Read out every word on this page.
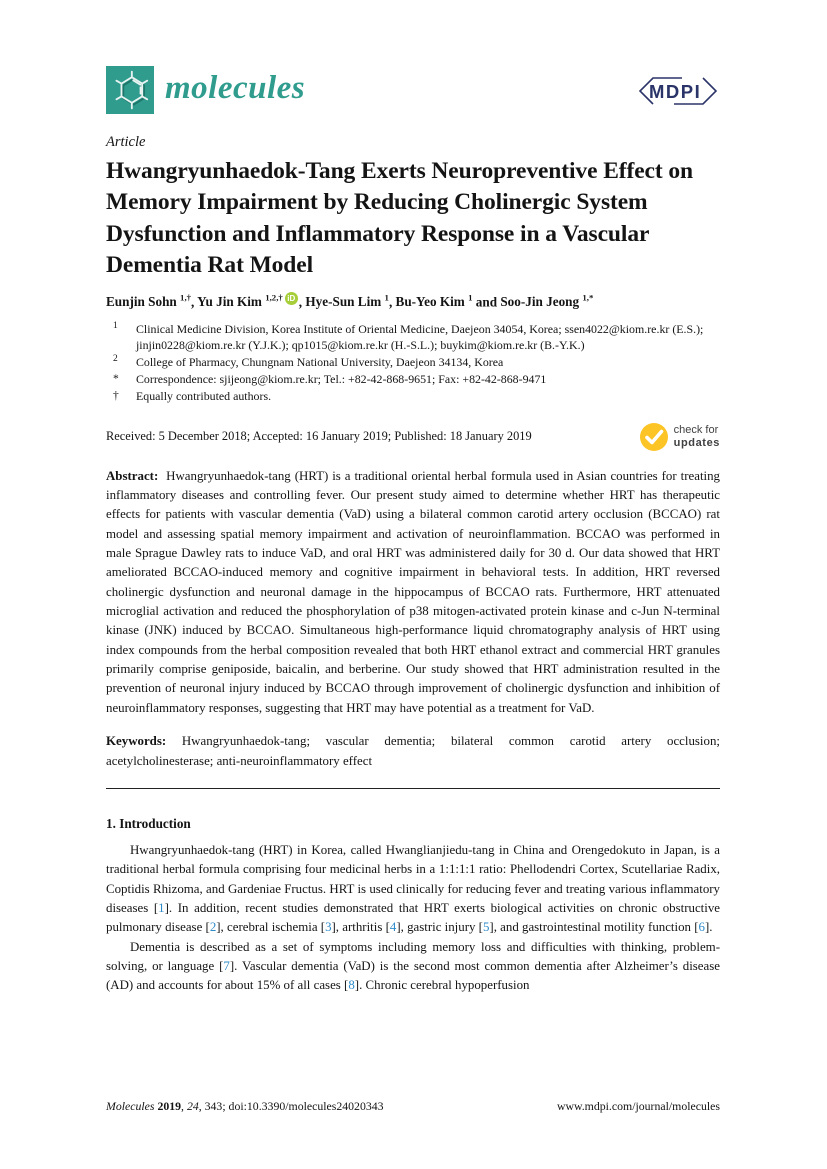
molecules	MDPI
Article
Hwangryunhaedok-Tang Exerts Neuropreventive Effect on Memory Impairment by Reducing Cholinergic System Dysfunction and Inflammatory Response in a Vascular Dementia Rat Model
Eunjin Sohn $^{1,\dagger}$, Yu Jin Kim $^{1,2,\dagger}$ iD , Hye-Sun Lim $^1$, Bu-Yeo Kim $^1$ and Soo-Jin Jeong $^{1,*}$
1	Clinical Medicine Division, Korea Institute of Oriental Medicine, Daejeon 34054, Korea; ssen4022@kiom.re.kr (E.S.); jinjin0228@kiom.re.kr (Y.J.K.); qp1015@kiom.re.kr (H.-S.L.); buykim@kiom.re.kr (B.-Y.K.)
2	College of Pharmacy, Chungnam National University, Daejeon 34134, Korea
*	Correspondence: sjijeong@kiom.re.kr; Tel.: +82-42-868-9651; Fax: +82-42-868-9471
†	Equally contributed authors.
Received: 5 December 2018; Accepted: 16 January 2019; Published: 18 January 2019	check for
updates

Abstract: Hwangryunhaedok-tang (HRT) is a traditional oriental herbal formula used in Asian countries for treating inflammatory diseases and controlling fever. Our present study aimed to determine whether HRT has therapeutic effects for patients with vascular dementia (VaD) using a bilateral common carotid artery occlusion (BCCAO) rat model and assessing spatial memory impairment and activation of neuroinflammation. BCCAO was performed in male Sprague Dawley rats to induce VaD, and oral HRT was administered daily for 30 d. Our data showed that HRT ameliorated BCCAO-induced memory and cognitive impairment in behavioral tests. In addition, HRT reversed cholinergic dysfunction and neuronal damage in the hippocampus of BCCAO rats. Furthermore, HRT attenuated microglial activation and reduced the phosphorylation of p38 mitogen-activated protein kinase and c-Jun N-terminal kinase (JNK) induced by BCCAO. Simultaneous high-performance liquid chromatography analysis of HRT using index compounds from the herbal composition revealed that both HRT ethanol extract and commercial HRT granules primarily comprise geniposide, baicalin, and berberine. Our study showed that HRT administration resulted in the prevention of neuronal injury induced by BCCAO through improvement of cholinergic dysfunction and inhibition of neuroinflammatory responses, suggesting that HRT may have potential as a treatment for VaD.

Keywords: Hwangryunhaedok-tang; vascular dementia; bilateral common carotid artery occlusion; acetylcholinesterase; anti-neuroinflammatory effect

1. Introduction

Hwangryunhaedok-tang (HRT) in Korea, called Hwanglianjiedu-tang in China and Orengedokuto in Japan, is a traditional herbal formula comprising four medicinal herbs in a 1:1:1:1 ratio: Phellodendri Cortex, Scutellariae Radix, Coptidis Rhizoma, and Gardeniae Fructus. HRT is used clinically for reducing fever and treating various inflammatory diseases [1]. In addition, recent studies demonstrated that HRT exerts biological activities on chronic obstructive pulmonary disease [2], cerebral ischemia [3], arthritis [4], gastric injury [5], and gastrointestinal motility function [6].

Dementia is described as a set of symptoms including memory loss and difficulties with thinking, problem-solving, or language [7]. Vascular dementia (VaD) is the second most common dementia after Alzheimer’s disease (AD) and accounts for about 15% of all cases [8]. Chronic cerebral hypoperfusion

Molecules 2019, 24, 343; doi:10.3390/molecules24020343	www.mdpi.com/journal/molecules
